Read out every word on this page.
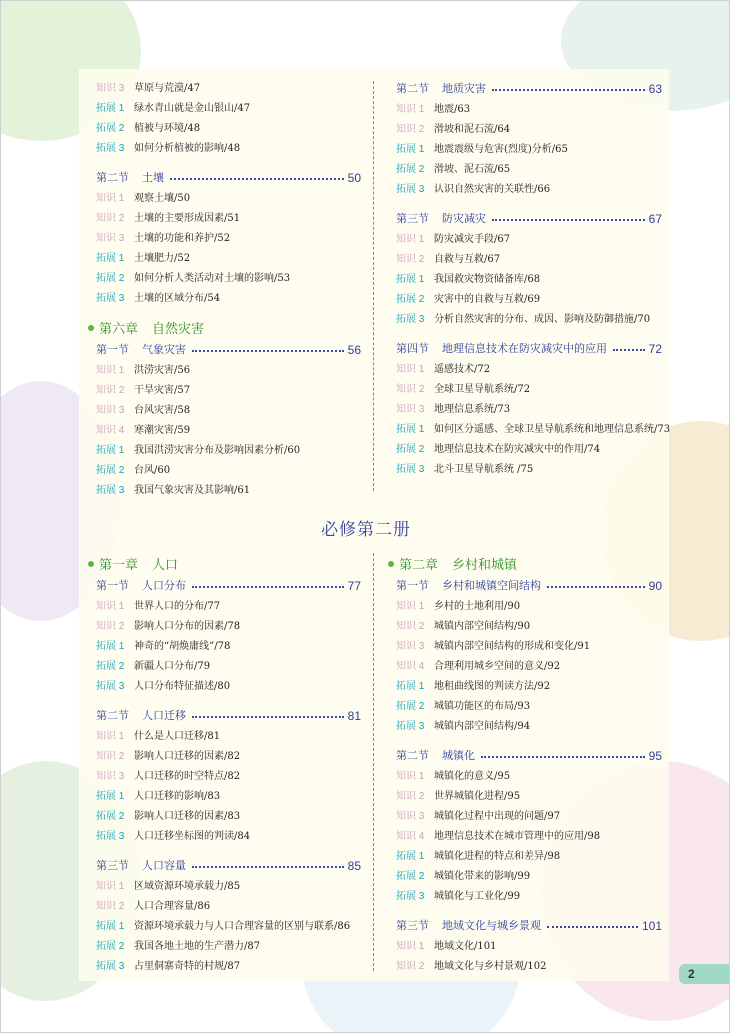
知识 3 草原与荒漠/47
拓展 1 绿水青山就是金山银山/47
拓展 2 植被与环境/48
拓展 3 如何分析植被的影响/48
第二节	土壤	50
知识 1 观察土壤/50
知识 2 土壤的主要形成因素/51
知识 3 土壤的功能和养护/52
拓展 1 土壤肥力/52
拓展 2 如何分析人类活动对土壤的影响/53
拓展 3 土壤的区域分布/54
第六章 自然灾害
第一节	气象灾害	56
知识 1 洪涝灾害/56
知识 2 干旱灾害/57
知识 3 台风灾害/58
知识 4 寒潮灾害/59
拓展 1 我国洪涝灾害分布及影响因素分析/60
拓展 2 台风/60
拓展 3 我国气象灾害及其影响/61
第二节	地质灾害	63
知识 1 地震/63
知识 2 滑坡和泥石流/64
拓展 1 地震震级与危害(烈度)分析/65
拓展 2 滑坡、泥石流/65
拓展 3 认识自然灾害的关联性/66
第三节	防灾减灾	67
知识 1 防灾减灾手段/67
知识 2 自救与互救/67
拓展 1 我国救灾物资储备库/68
拓展 2 灾害中的自救与互救/69
拓展 3 分析自然灾害的分布、成因、影响及防御措施/70
第四节	地理信息技术在防灾减灾中的应用	72
知识 1 遥感技术/72
知识 2 全球卫星导航系统/72
知识 3 地理信息系统/73
拓展 1 如何区分遥感、全球卫星导航系统和地理信息系统/73
拓展 2 地理信息技术在防灾减灾中的作用/74
拓展 3 北斗卫星导航系统 /75
必修第二册
第一章 人口
第一节	人口分布	77
知识 1 世界人口的分布/77
知识 2 影响人口分布的因素/78
拓展 1 神奇的“胡焕庸线”/78
拓展 2 新疆人口分布/79
拓展 3 人口分布特征描述/80
第二节	人口迁移	81
知识 1 什么是人口迁移/81
知识 2 影响人口迁移的因素/82
知识 3 人口迁移的时空特点/82
拓展 1 人口迁移的影响/83
拓展 2 影响人口迁移的因素/83
拓展 3 人口迁移坐标图的判读/84
第三节	人口容量	85
知识 1 区域资源环境承载力/85
知识 2 人口合理容量/86
拓展 1 资源环境承载力与人口合理容量的区别与联系/86
拓展 2 我国各地土地的生产潜力/87
拓展 3 占里侗寨奇特的村规/87
第二章 乡村和城镇
第一节	乡村和城镇空间结构	90
知识 1 乡村的土地利用/90
知识 2 城镇内部空间结构/90
知识 3 城镇内部空间结构的形成和变化/91
知识 4 合理利用城乡空间的意义/92
拓展 1 地租曲线图的判读方法/92
拓展 2 城镇功能区的布局/93
拓展 3 城镇内部空间结构/94
第二节	城镇化	95
知识 1 城镇化的意义/95
知识 2 世界城镇化进程/95
知识 3 城镇化过程中出现的问题/97
知识 4 地理信息技术在城市管理中的应用/98
拓展 1 城镇化进程的特点和差异/98
拓展 2 城镇化带来的影响/99
拓展 3 城镇化与工业化/99
第三节	地域文化与城乡景观	101
知识 1 地域文化/101
知识 2 地域文化与乡村景观/102
2
